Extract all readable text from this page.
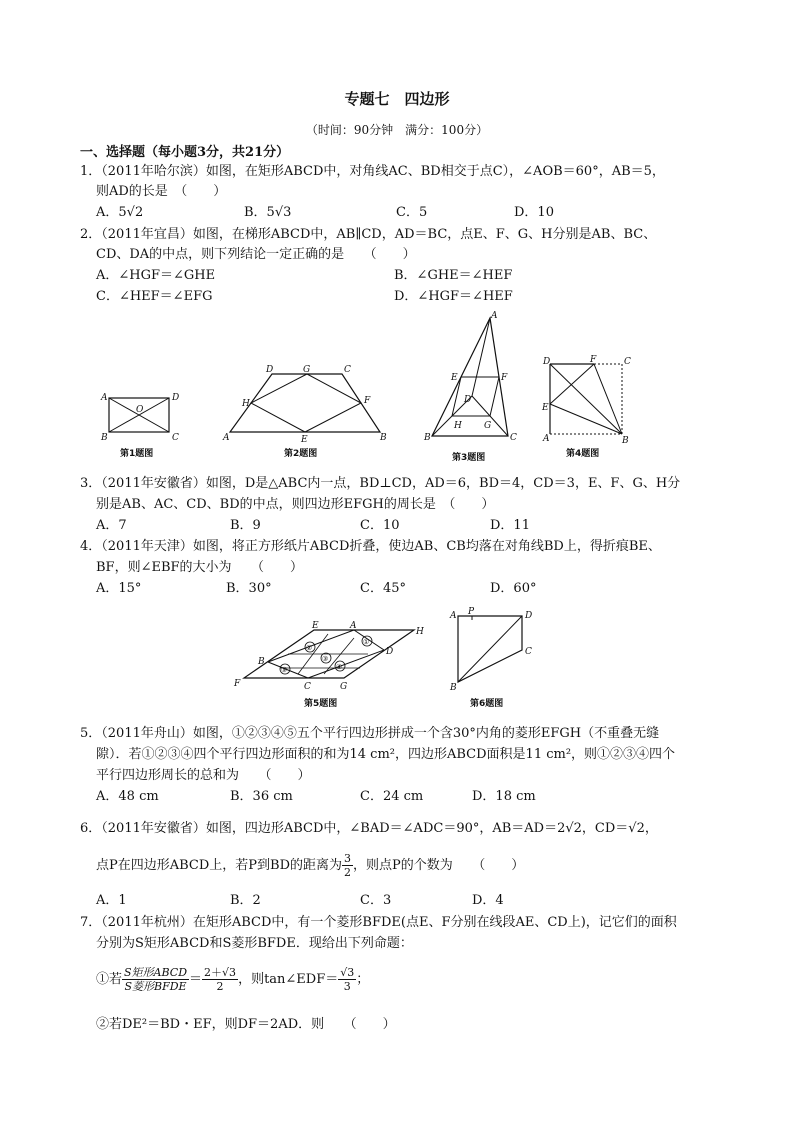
专题七　四边形
（时间：90分钟　满分：100分）
一、选择题（每小题3分，共21分）
1．（2011年哈尔滨）如图，在矩形ABCD中，对角线AC、BD相交于点C），∠AOB＝60°，AB＝5，
则AD的长是　（　　）
A．5√2	B．5√3	C．5	D．10
2．（2011年宜昌）如图，在梯形ABCD中，AB∥CD，AD＝BC，点E、F、G、H分别是AB、BC、
CD、DA的中点，则下列结论一定正确的是　　（　　）
A．∠HGF＝∠GHE	B．∠GHE＝∠HEF
C．∠HEF＝∠EFG	D．∠HGF＝∠HEF
A	D
O
B	C
第1题图
D	G	C
H	F
A	E	B
第2题图
A
E	F
D
H G
B	C
第3题图
D	F	C
E
A	B
第4题图
3．（2011年安徽省）如图，D是△ABC内一点，BD⊥CD，AD＝6，BD＝4，CD＝3，E、F、G、H分
别是AB、AC、CD、BD的中点，则四边形EFGH的周长是　（　　）
A．7	B．9	C．10	D．11
4．（2011年天津）如图，将正方形纸片ABCD折叠，使边AB、CB均落在对角线BD上，得折痕BE、
BF，则∠EBF的大小为　　（　　）
A．15°	B．30°	C．45°	D．60°
E	A
H
D
B
F	C	G
①
②
③
④
⑤
第5题图
A P	D
C
B
第6题图
5．（2011年舟山）如图，①②③④⑤五个平行四边形拼成一个含30°内角的菱形EFGH（不重叠无缝
隙）．若①②③④四个平行四边形面积的和为14 cm²，四边形ABCD面积是11 cm²，则①②③④四个
平行四边形周长的总和为　　（　　）
A．48 cm	B．36 cm	C．24 cm	D．18 cm
6．（2011年安徽省）如图，四边形ABCD中，∠BAD＝∠ADC＝90°，AB＝AD＝2√2，CD＝√2，
点P在四边形ABCD上，若P到BD的距离为 $\frac{3}{2}$ ，则点P的个数为　　（　　）
A．1	B．2	C．3	D．4
7．（2011年杭州）在矩形ABCD中，有一个菱形BFDE(点E、F分别在线段AE、CD上)，记它们的面积
分别为S矩形ABCD和S菱形BFDE．现给出下列命题：
①若 $\frac{\text{S矩形ABCD}}{\text{S菱形BFDE}} = \frac{2+√3}{2}$ ，则tan∠EDF＝ $\frac{√3}{3}$ ；
②若DE²＝BD・EF，则DF＝2AD．则　　（　　）
